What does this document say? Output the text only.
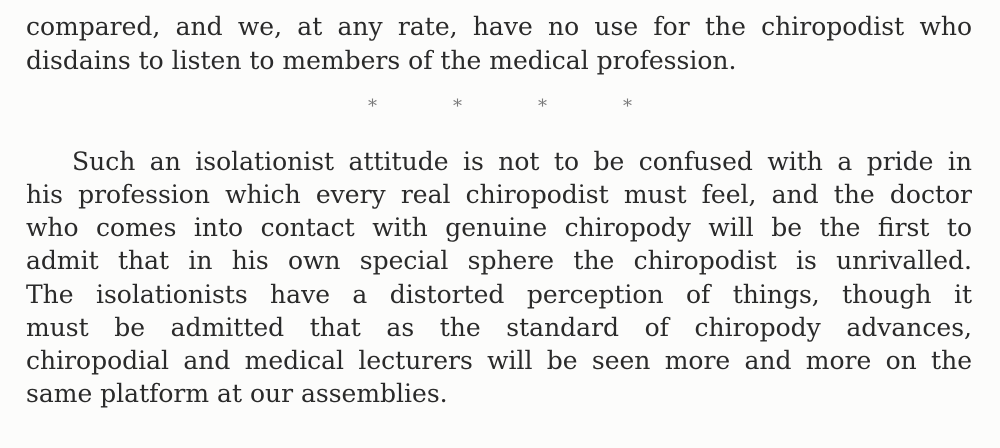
compared, and we, at any rate, have no use for the chiropodist who
disdains to listen to members of the medical profession.
*	*	*	*
Such an isolationist attitude is not to be confused with a pride in
his profession which every real chiropodist must feel, and the doctor
who comes into contact with genuine chiropody will be the first to
admit that in his own special sphere the chiropodist is unrivalled.
The isolationists have a distorted perception of things, though it
must be admitted that as the standard of chiropody advances,
chiropodial and medical lecturers will be seen more and more on the
same platform at our assemblies.
